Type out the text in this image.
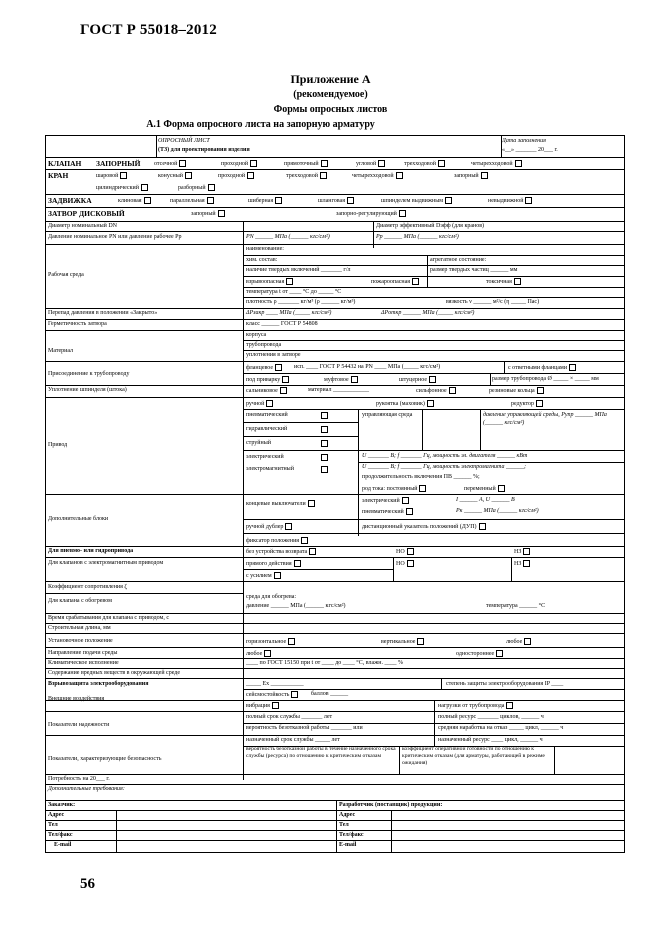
ГОСТ Р 55018–2012
Приложение А
(рекомендуемое)
Формы опросных листов
А.1 Форма опросного листа на запорную арматуру
ОПРОСНЫЙ ЛИСТ
(ТЗ) для проектирования изделия
Дата заполнения
«__» _______ 20___ г.
КЛАПАН ЗАПОРНЫЙ отсечной	проходной	прямоточный	угловой	трехходовой	четырехходовой
КРАН	шаровой	конусный	проходной	трехходовой	четырехходовой	запорный
цилиндрический	разборный
ЗАДВИЖКА	клиновая	параллельная	шиберная	шланговая	шпинделем выдвижным	невыдвижной
ЗАТВОР ДИСКОВЫЙ	запорный	запорно-регулирующий
Диаметр номинальный DN	Диаметр эффективный Dэфф (для кранов)
Давление номинальное PN или давление рабочее Pр	PN ______ МПа (______ кгс/см²)	Pр ______ МПа (______ кгс/см²)
Рабочая среда
наименование:
хим. состав:	агрегатное состояние:
наличие твердых включений _______ г/л	размер твердых частиц ______ мм
взрывоопасная	пожароопасная	токсичная
температура t от ____ °С до _____ °С
плотность ρ _______ кг/м³ (ρ ______ кг/м³)	вязкость ν ______ м²/с (η _____ Пас)
Перепад давления в положении «Закрыто»	ΔPзакр ____ МПа (_____ кгс/см²)	ΔPоткр ______ МПа (_____ кгс/см²)
Герметичность затвора	класс ______ ГОСТ Р 54808
Материал
корпуса
трубопровода
уплотнения в затворе
Присоединение к трубопроводу
фланцевое	исп. ____ ГОСТ Р 54432 на PN ____ МПа (_____ кгс/см²)	с ответными фланцами
под приварку	муфтовое	штуцерное	размер трубопровода Ø _____ × _____ мм
Уплотнение шпинделя (штока)	сальниковое	материал ____________	сильфонное	резиновые кольца
Привод
ручной	рукоятка (маховик)	редуктор
пневматический
гидравлический
струйный
электрический
электромагнитный
управляющая среда	давление управляющей среды, Pупр ______ МПа (______ кгс/см²)
U _______ В; f _______ Гц, мощность эл. двигателя ______ кВт
U _______ В; f _______ Гц, мощность электромагнита ______;
продолжительность включения ПВ ______ %;
род тока: постоянный	переменный
Дополнительные блоки
концевые выключатели	электрический	I ______ А, U ______ В
пневматический	Pк ______ МПа (______ кгс/см²)
ручной дублер	дистанционный указатель положений (ДУП)
фиксатор положения
Для пневмо- или гидропривода	без устройства возврата	НО	НЗ
Для клапанов с электромагнитным приводом	прямого действия	НО	НЗ
с усилием
Коэффициент сопротивления ζ
Для клапана с обогревом
среда для обогрева:
давление ______ МПа (______ кгс/см²)	температура ______ °С
Время срабатывания для клапана с приводом, с
Строительная длина, мм
Установочное положение	горизонтальное	вертикальное	любое
Направление подачи среды	любое	одностороннее
Климатическое исполнение	____ по ГОСТ 15150 при t от ____ до ____ °С, влажн. ____ %
Содержание вредных веществ в окружающей среде
Взрывозащита электрооборудования	_____ Ex ___________	степень защиты электрооборудования IP ____
Внешние воздействия
сейсмостойкость	баллов ______
вибрация	нагрузки от трубопровода
Показатели надежности
полный срок службы _______ лет	полный ресурс _______ циклов, ______ ч
вероятность безотказной работы _______ или	средняя наработка на отказ _____ цикл, ______ ч
назначенный срок службы _____ лет	назначенный ресурс ____ цикл, ______ ч
Показатели, характеризующие безопасность
вероятность безотказной работы в течение назначенного срока службы (ресурса) по отношению к критическим отказам
коэффициент оперативной готовности по отношению к критическим отказам (для арматуры, работающей в режиме ожидания)
Потребность на 20___ г.
Дополнительные требования:
Заказчик:	Разработчик (поставщик) продукции:
Адрес	Адрес
Тел	Тел
Тел/факс	Тел/факс
E-mail	E-mail
56
